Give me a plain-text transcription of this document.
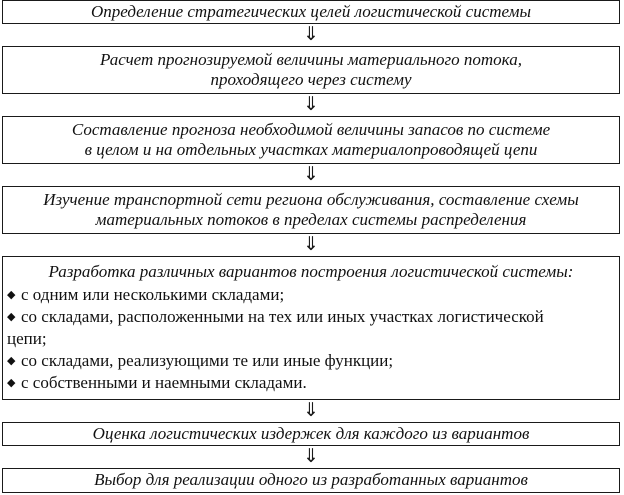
Определение стратегических целей логистической системы
⇓
Расчет прогнозируемой величины материального потока,
проходящего через систему
⇓
Составление прогноза необходимой величины запасов по системе
в целом и на отдельных участках материалопроводящей цепи
⇓
Изучение транспортной сети региона обслуживания, составление схемы
материальных потоков в пределах системы распределения
⇓
Разработка различных вариантов построения логистической системы:
◆ с одним или несколькими складами;
◆ со складами, расположенными на тех или иных участках логистической
цепи;
◆ со складами, реализующими те или иные функции;
◆ с собственными и наемными складами.
⇓
Оценка логистических издержек для каждого из вариантов
⇓
Выбор для реализации одного из разработанных вариантов
